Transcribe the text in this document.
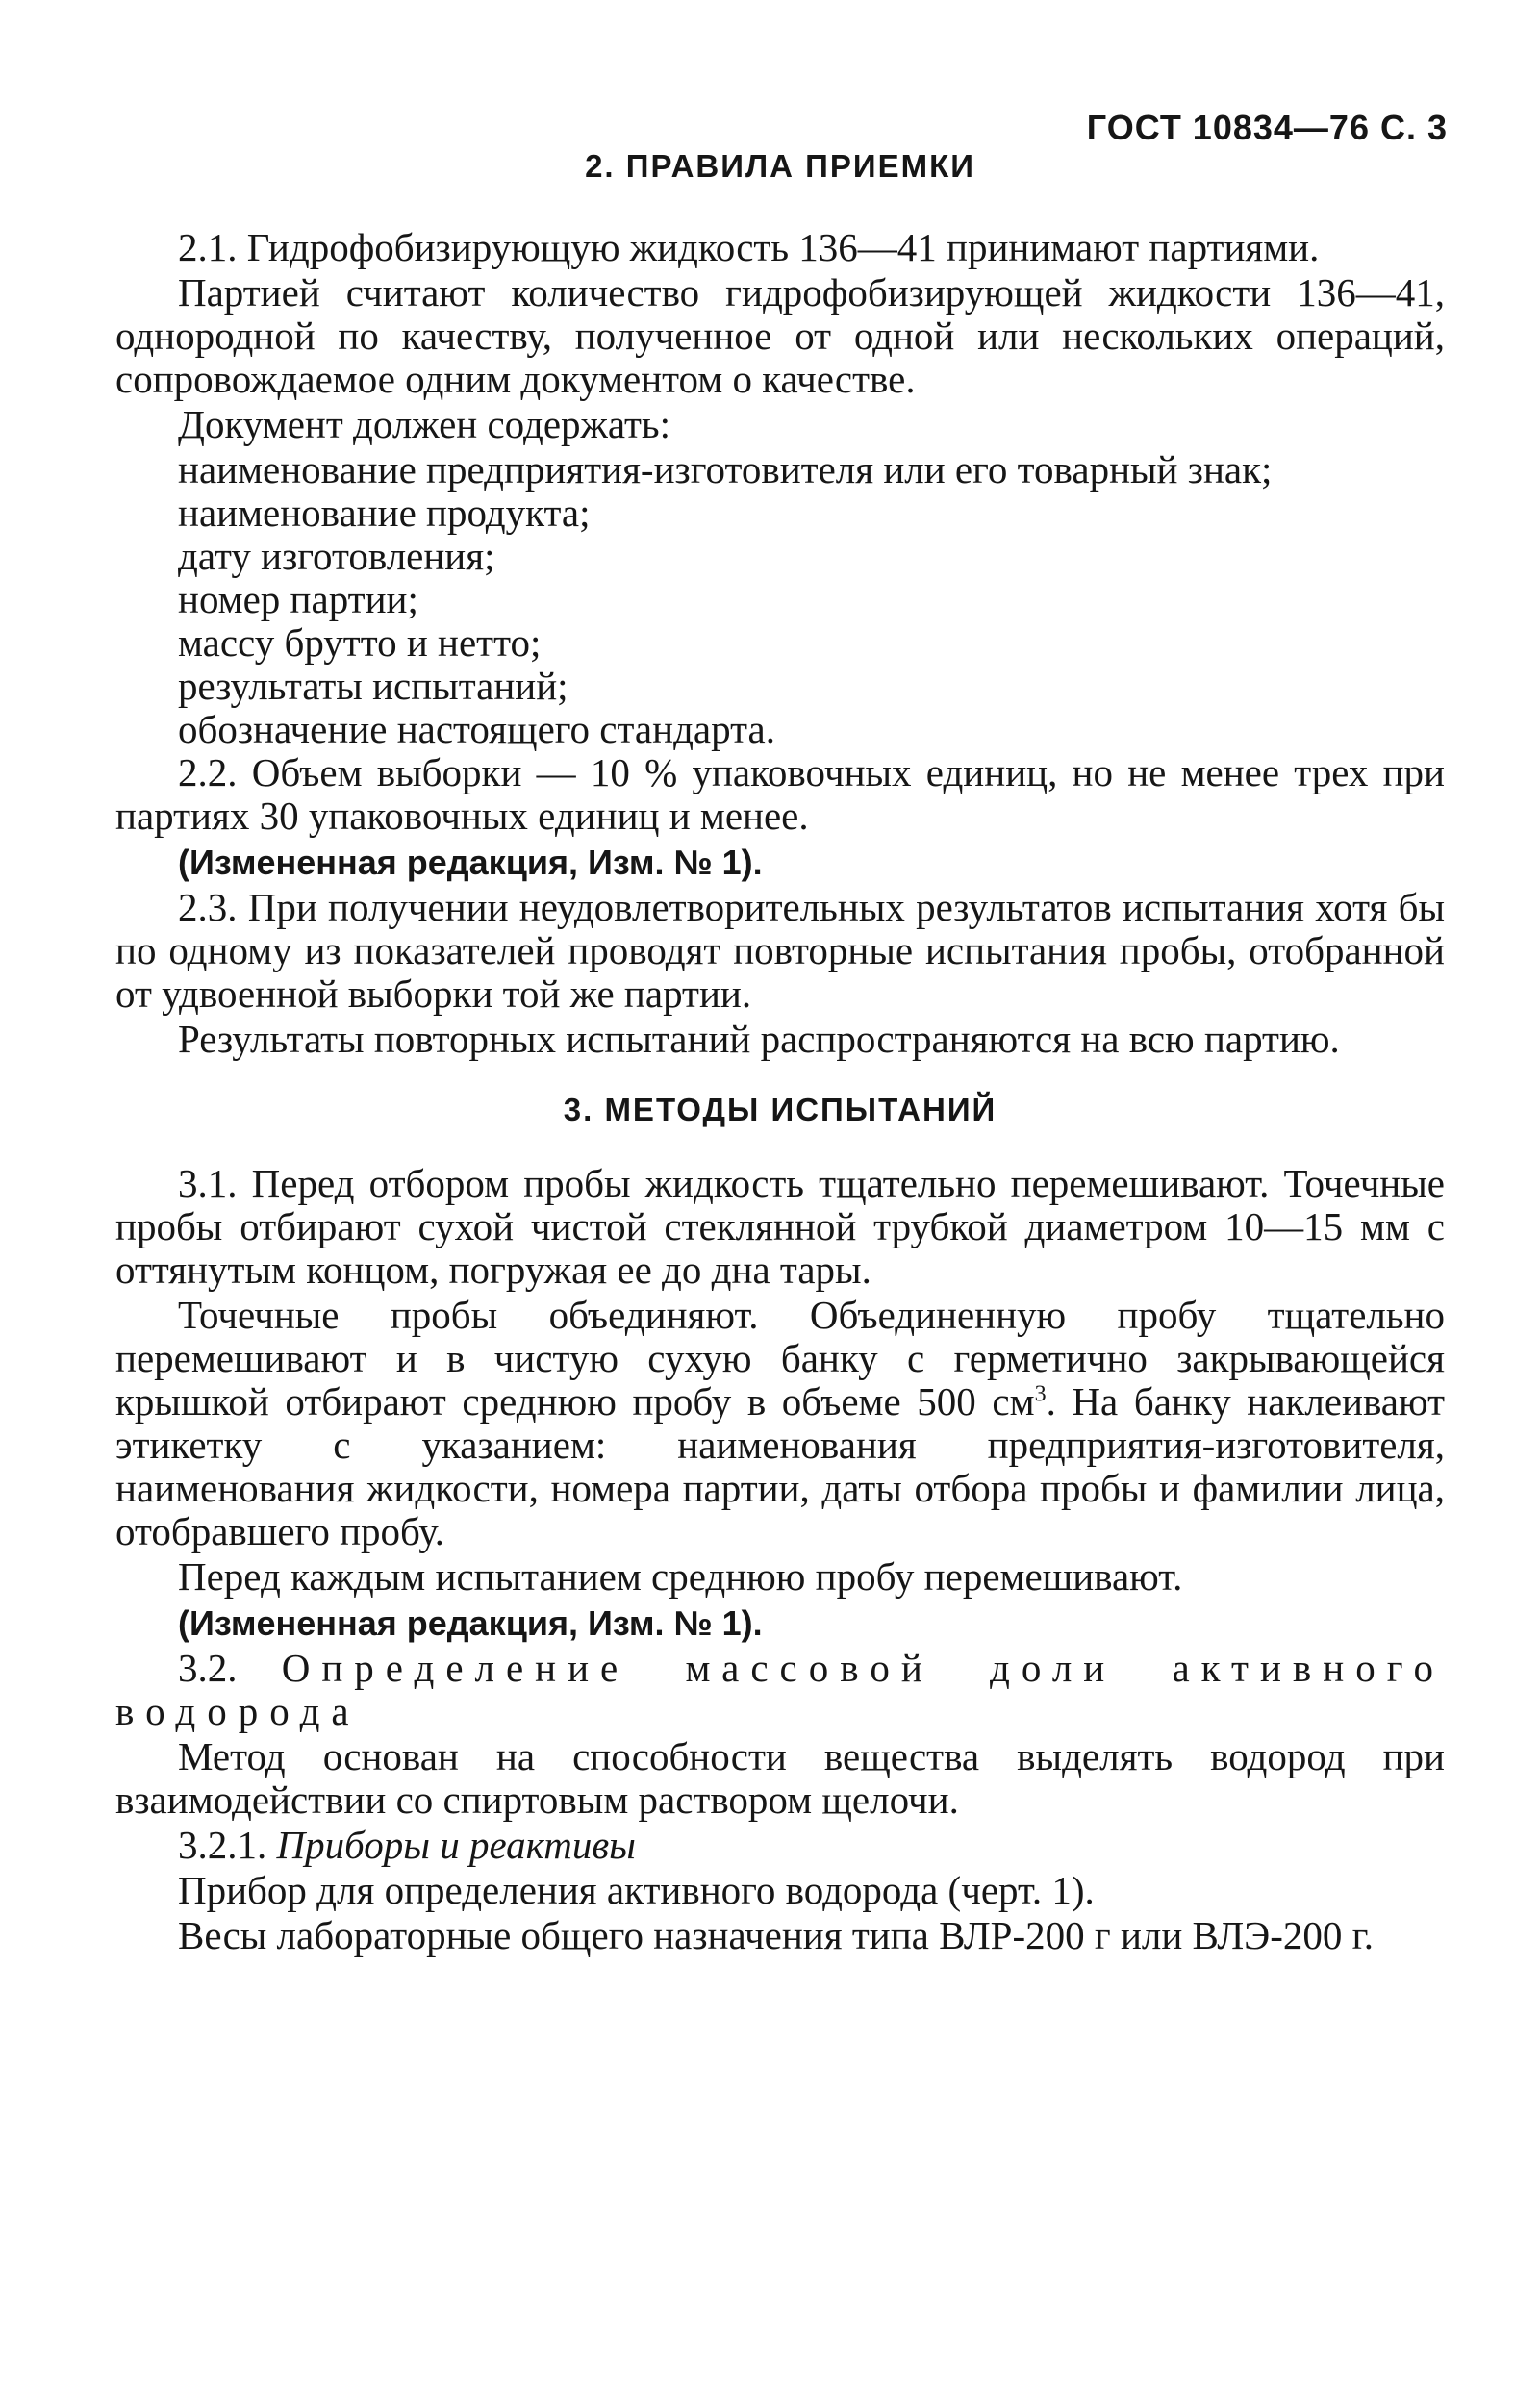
ГОСТ 10834—76 С. 3
2. ПРАВИЛА ПРИЕМКИ

2.1. Гидрофобизирующую жидкость 136—41 принимают партиями.

Партией считают количество гидрофобизирующей жидкости 136—41, однородной по качеству, полученное от одной или нескольких операций, сопровождаемое одним документом о качестве.

Документ должен содержать:

наименование предприятия-изготовителя или его товарный знак;

наименование продукта;

дату изготовления;

номер партии;

массу брутто и нетто;

результаты испытаний;

обозначение настоящего стандарта.

2.2. Объем выборки — 10 % упаковочных единиц, но не менее трех при партиях 30 упаковочных единиц и менее.

(Измененная редакция, Изм. № 1).

2.3. При получении неудовлетворительных результатов испытания хотя бы по одному из показателей проводят повторные испытания пробы, отобранной от удвоенной выборки той же партии.

Результаты повторных испытаний распространяются на всю партию.

3. МЕТОДЫ ИСПЫТАНИЙ

3.1. Перед отбором пробы жидкость тщательно перемешивают. Точечные пробы отбирают сухой чистой стеклянной трубкой диаметром 10—15 мм с оттянутым концом, погружая ее до дна тары.

Точечные пробы объединяют. Объединенную пробу тщательно перемешивают и в чистую сухую банку с герметично закрывающейся крышкой отбирают среднюю пробу в объеме 500 $см^3$. На банку наклеивают этикетку с указанием: наименования предприятия-изготовителя, наименования жидкости, номера партии, даты отбора пробы и фамилии лица, отобравшего пробу.

Перед каждым испытанием среднюю пробу перемешивают.

(Измененная редакция, Изм. № 1).

3.2. Определение массовой доли активного водорода

Метод основан на способности вещества выделять водород при взаимодействии со спиртовым раствором щелочи.

3.2.1. Приборы и реактивы

Прибор для определения активного водорода (черт. 1).

Весы лабораторные общего назначения типа ВЛР-200 г или ВЛЭ-200 г.
